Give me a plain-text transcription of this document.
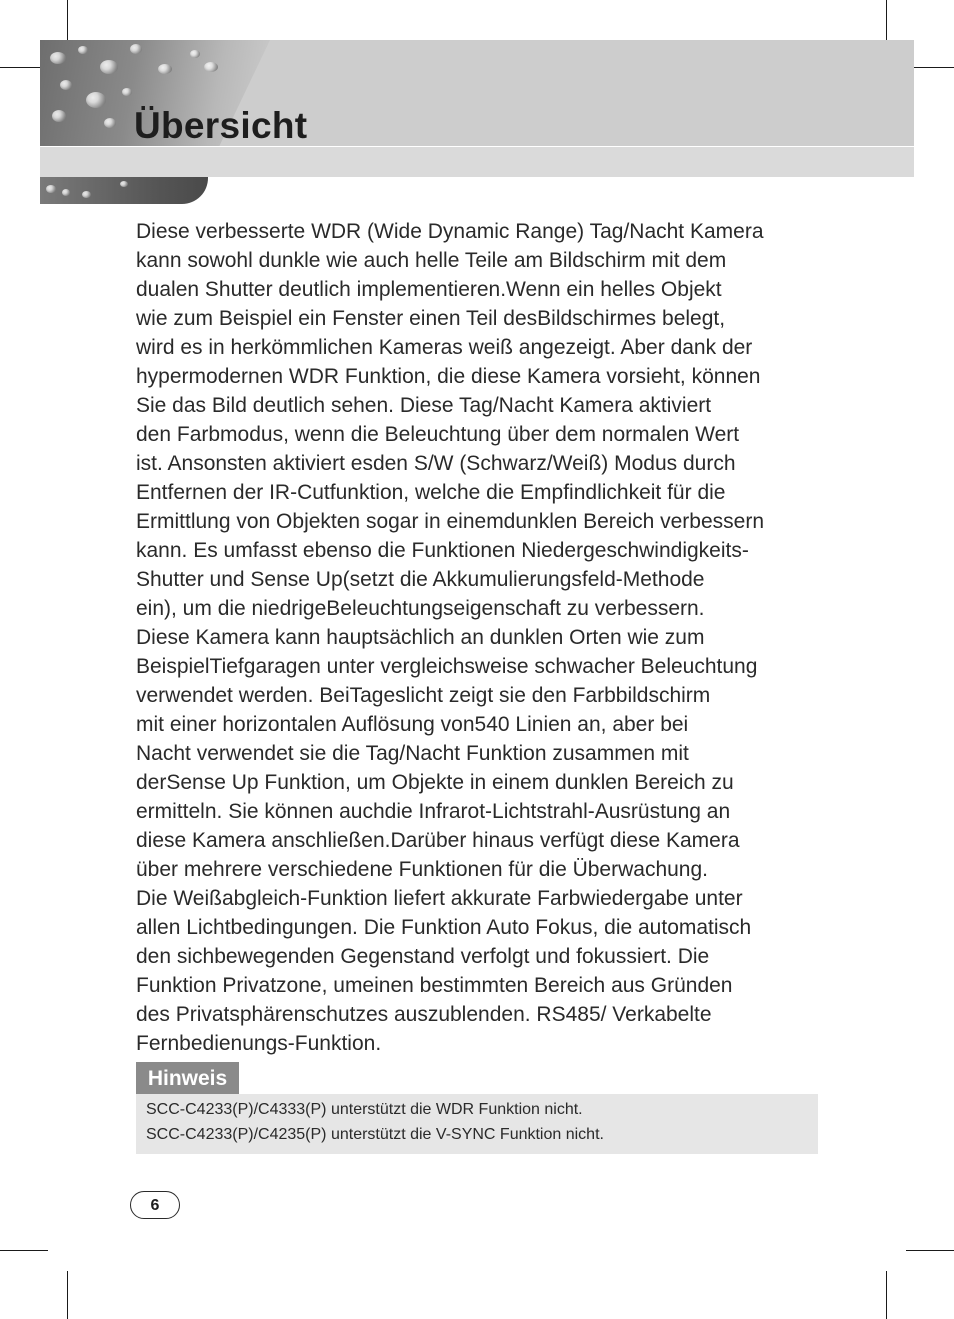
Übersicht

Diese verbesserte WDR (Wide Dynamic Range) Tag/Nacht Kamera
kann sowohl dunkle wie auch helle Teile am Bildschirm mit dem
dualen Shutter deutlich implementieren.Wenn ein helles Objekt
wie zum Beispiel ein Fenster einen Teil desBildschirmes belegt,
wird es in herkömmlichen Kameras weiß angezeigt. Aber dank der
hypermodernen WDR Funktion, die diese Kamera vorsieht, können
Sie das Bild deutlich sehen. Diese Tag/Nacht Kamera aktiviert
den Farbmodus, wenn die Beleuchtung über dem normalen Wert
ist. Ansonsten aktiviert esden S/W (Schwarz/Weiß) Modus durch
Entfernen der IR-Cutfunktion, welche die Empfindlichkeit für die
Ermittlung von Objekten sogar in einemdunklen Bereich verbessern
kann. Es umfasst ebenso die Funktionen Niedergeschwindigkeits-
Shutter und Sense Up(setzt die Akkumulierungsfeld-Methode
ein), um die niedrigeBeleuchtungseigenschaft zu verbessern.
Diese Kamera kann hauptsächlich an dunklen Orten wie zum
BeispielTiefgaragen unter vergleichsweise schwacher Beleuchtung
verwendet werden. BeiTageslicht zeigt sie den Farbbildschirm
mit einer horizontalen Auflösung von540 Linien an, aber bei
Nacht verwendet sie die Tag/Nacht Funktion zusammen mit
derSense Up Funktion, um Objekte in einem dunklen Bereich zu
ermitteln. Sie können auchdie Infrarot-Lichtstrahl-Ausrüstung an
diese Kamera anschließen.Darüber hinaus verfügt diese Kamera
über mehrere verschiedene Funktionen für die Überwachung.
Die Weißabgleich-Funktion liefert akkurate Farbwiedergabe unter
allen Lichtbedingungen. Die Funktion Auto Fokus, die automatisch
den sichbewegenden Gegenstand verfolgt und fokussiert. Die
Funktion Privatzone, umeinen bestimmten Bereich aus Gründen
des Privatsphärenschutzes auszublenden. RS485/ Verkabelte
Fernbedienungs-Funktion.

Hinweis
SCC-C4233(P)/C4333(P) unterstützt die WDR Funktion nicht.
SCC-C4233(P)/C4235(P) unterstützt die V-SYNC Funktion nicht.
6
